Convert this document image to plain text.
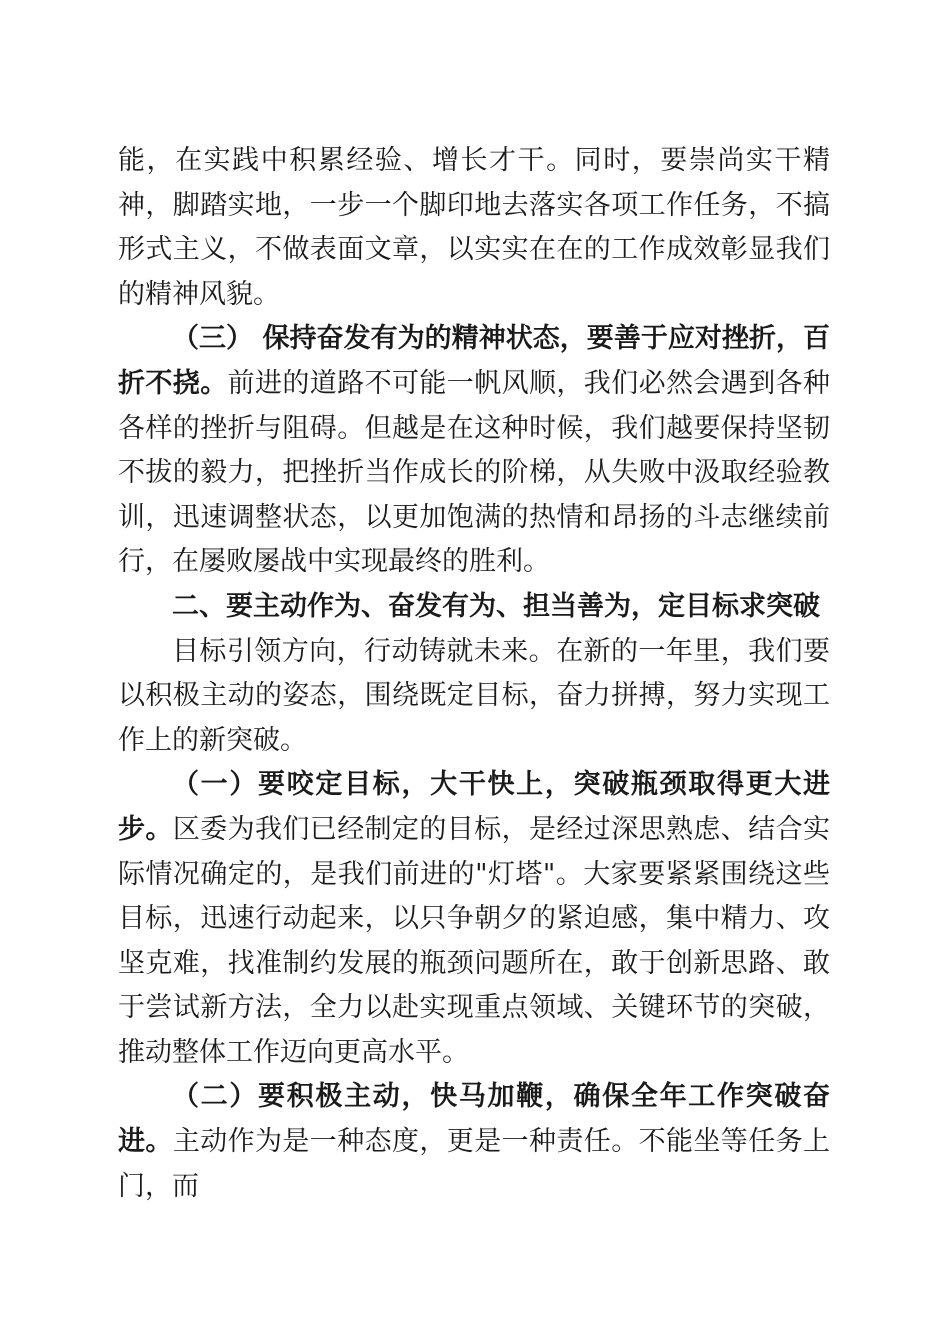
能，在实践中积累经验、增长才干。同时，要崇尚实干精神，脚踏实地，一步一个脚印地去落实各项工作任务，不搞形式主义，不做表面文章，以实实在在的工作成效彰显我们的精神风貌。

（三） 保持奋发有为的精神状态，要善于应对挫折，百折不挠。前进的道路不可能一帆风顺，我们必然会遇到各种各样的挫折与阻碍。但越是在这种时候，我们越要保持坚韧不拔的毅力，把挫折当作成长的阶梯，从失败中汲取经验教训，迅速调整状态，以更加饱满的热情和昂扬的斗志继续前行，在屡败屡战中实现最终的胜利。

二、要主动作为、奋发有为、担当善为，定目标求突破

目标引领方向，行动铸就未来。在新的一年里，我们要以积极主动的姿态，围绕既定目标，奋力拼搏，努力实现工作上的新突破。

（一）要咬定目标，大干快上，突破瓶颈取得更大进步。区委为我们已经制定的目标，是经过深思熟虑、结合实际情况确定的，是我们前进的"灯塔"。大家要紧紧围绕这些目标，迅速行动起来，以只争朝夕的紧迫感，集中精力、攻坚克难，找准制约发展的瓶颈问题所在，敢于创新思路、敢于尝试新方法，全力以赴实现重点领域、关键环节的突破，推动整体工作迈向更高水平。

（二）要积极主动，快马加鞭，确保全年工作突破奋进。主动作为是一种态度，更是一种责任。不能坐等任务上门，而
